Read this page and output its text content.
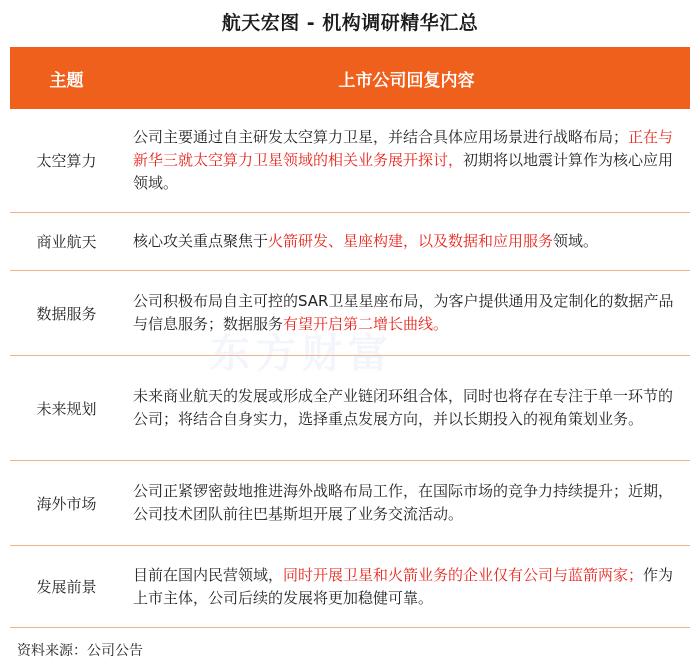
航天宏图 - 机构调研精华汇总
东方财富
主题	上市公司回复内容
太空算力
公司主要通过自主研发太空算力卫星，并结合具体应用场景进行战略布局；正在与新华三就太空算力卫星领域的相关业务展开探讨，初期将以地震计算作为核心应用领域。
商业航天	核心攻关重点聚焦于火箭研发、星座构建，以及数据和应用服务领域。
数据服务
公司积极布局自主可控的SAR卫星星座布局，为客户提供通用及定制化的数据产品与信息服务；数据服务有望开启第二增长曲线。
未来规划
未来商业航天的发展或形成全产业链闭环组合体，同时也将存在专注于单一环节的公司；将结合自身实力，选择重点发展方向，并以长期投入的视角策划业务。
海外市场
公司正紧锣密鼓地推进海外战略布局工作，在国际市场的竞争力持续提升；近期，公司技术团队前往巴基斯坦开展了业务交流活动。
发展前景
目前在国内民营领域，同时开展卫星和火箭业务的企业仅有公司与蓝箭两家；作为上市主体，公司后续的发展将更加稳健可靠。
资料来源：公司公告
